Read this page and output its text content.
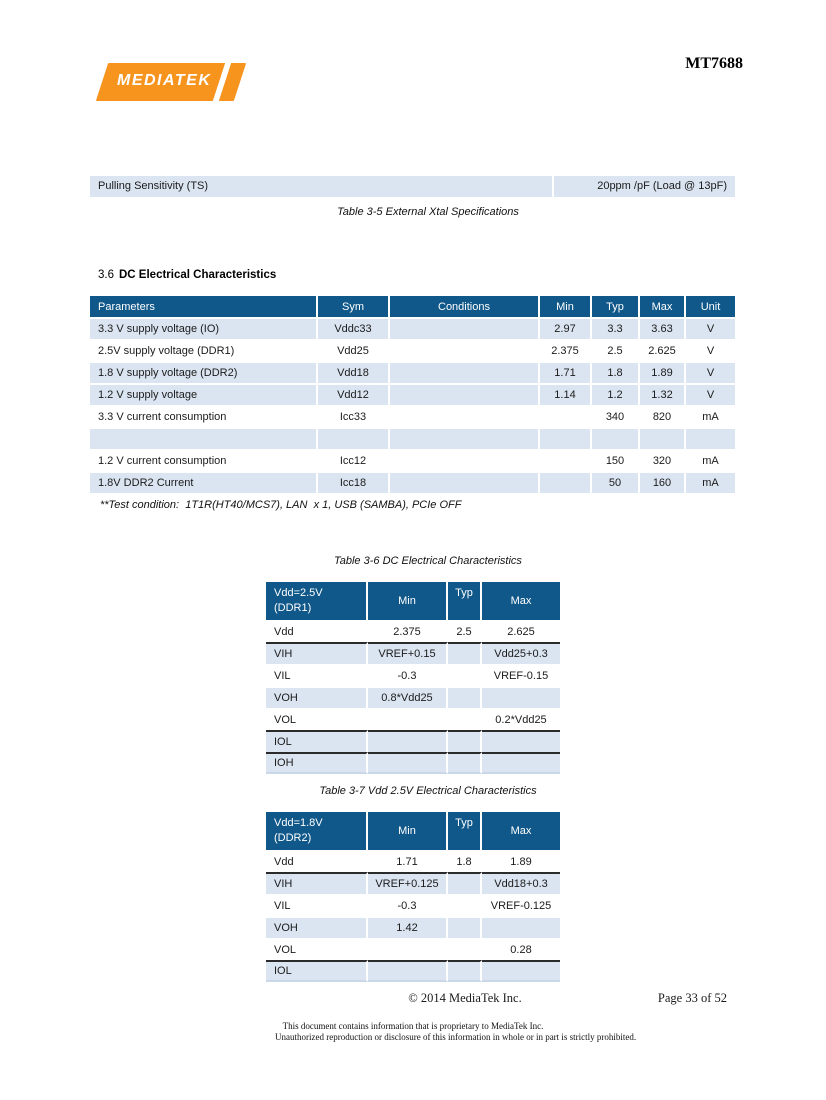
MEDIATEK
MT7688
Pulling Sensitivity (TS)	20ppm /pF (Load @ 13pF)
Table 3-5 External Xtal Specifications
3.6 DC Electrical Characteristics
Parameters	Sym	Conditions	Min	Typ	Max	Unit
3.3 V supply voltage (IO)	Vddc33		2.97	3.3	3.63	V
2.5V supply voltage (DDR1)	Vdd25		2.375	2.5	2.625	V
1.8 V supply voltage (DDR2)	Vdd18		1.71	1.8	1.89	V
1.2 V supply voltage	Vdd12		1.14	1.2	1.32	V
3.3 V current consumption	Icc33			340	820	mA

1.2 V current consumption	Icc12			150	320	mA
1.8V DDR2 Current	Icc18			50	160	mA
**Test condition:  1T1R(HT40/MCS7), LAN  x 1, USB (SAMBA), PCIe OFF
Table 3-6 DC Electrical Characteristics
Vdd=2.5V
(DDR1)	Min	Typ	Max
Vdd	2.375	2.5	2.625
VIH	VREF+0.15		Vdd25+0.3
VIL	-0.3		VREF-0.15
VOH	0.8*Vdd25		
VOL			0.2*Vdd25
IOL			
IOH			
Table 3-7 Vdd 2.5V Electrical Characteristics
Vdd=1.8V
(DDR2)	Min	Typ	Max
Vdd	1.71	1.8	1.89
VIH	VREF+0.125		Vdd18+0.3
VIL	-0.3		VREF-0.125
VOH	1.42		
VOL			0.28
IOL			
© 2014 MediaTek Inc.	Page 33 of 52
This document contains information that is proprietary to MediaTek Inc.
Unauthorized reproduction or disclosure of this information in whole or in part is strictly prohibited.
